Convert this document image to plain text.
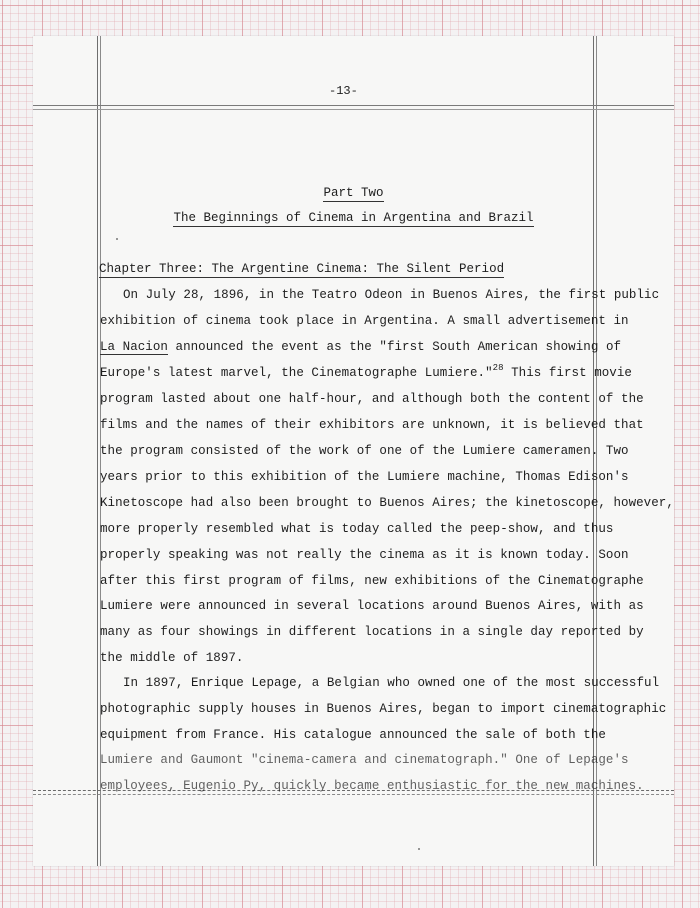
-13-
Part Two
The Beginnings of Cinema in Argentina and Brazil
Chapter Three: The Argentine Cinema: The Silent Period
On July 28, 1896, in the Teatro Odeon in Buenos Aires, the first public
exhibition of cinema took place in Argentina. A small advertisement in
La Nacion announced the event as the "first South American showing of
Europe's latest marvel, the Cinematographe Lumiere."$^{28}$ This first movie
program lasted about one half-hour, and although both the content of the
films and the names of their exhibitors are unknown, it is believed that
the program consisted of the work of one of the Lumiere cameramen. Two
years prior to this exhibition of the Lumiere machine, Thomas Edison's
Kinetoscope had also been brought to Buenos Aires; the kinetoscope, however,
more properly resembled what is today called the peep-show, and thus
properly speaking was not really the cinema as it is known today. Soon
after this first program of films, new exhibitions of the Cinematographe
Lumiere were announced in several locations around Buenos Aires, with as
many as four showings in different locations in a single day reported by
the middle of 1897.
In 1897, Enrique Lepage, a Belgian who owned one of the most successful
photographic supply houses in Buenos Aires, began to import cinematographic
equipment from France. His catalogue announced the sale of both the
Lumiere and Gaumont "cinema-camera and cinematograph." One of Lepage's
employees, Eugenio Py, quickly became enthusiastic for the new machines.
